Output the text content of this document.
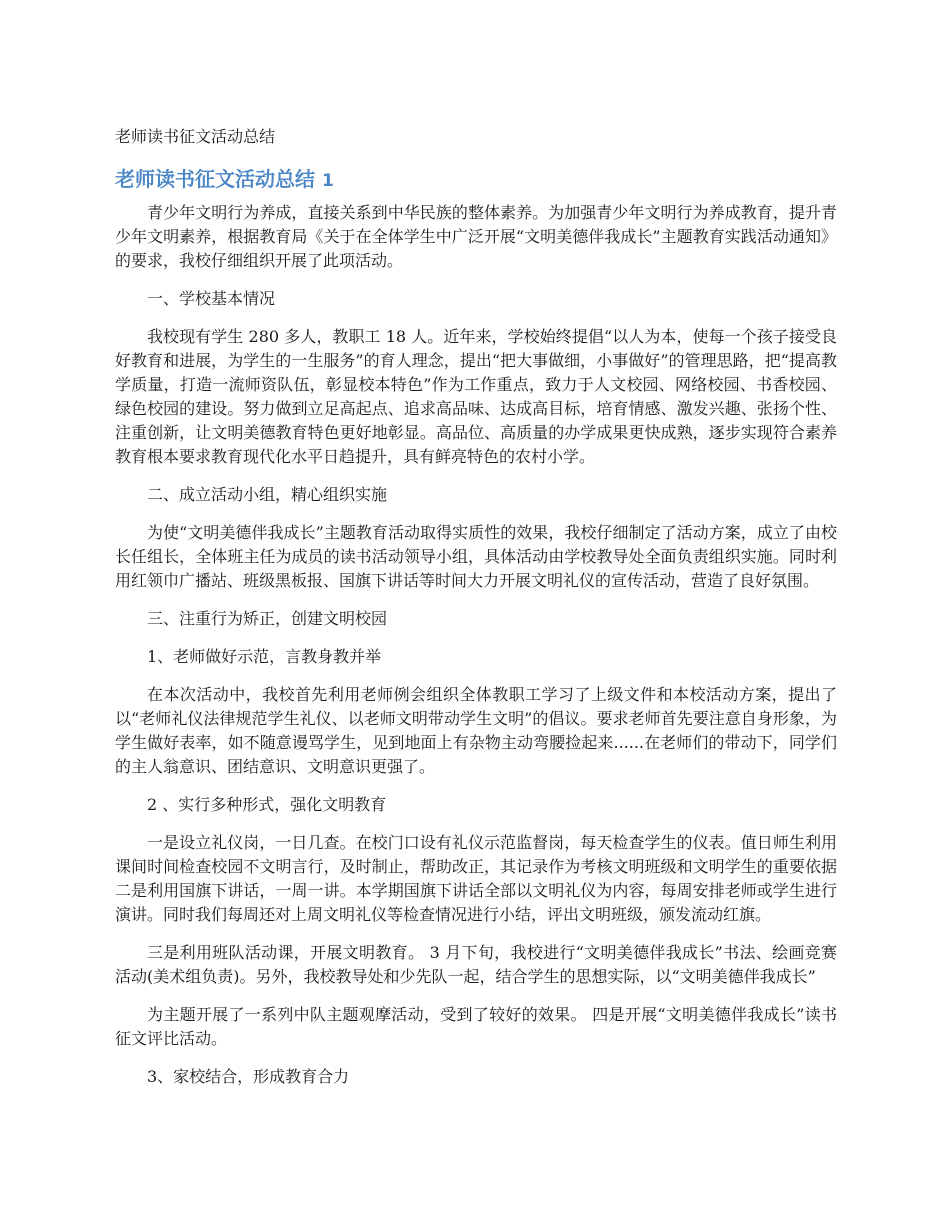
老师读书征文活动总结
老师读书征文活动总结 1

青少年文明行为养成，直接关系到中华民族的整体素养。为加强青少年文明行为养成教育，提升青少年文明素养，根据教育局《关于在全体学生中广泛开展“文明美德伴我成长”主题教育实践活动通知》的要求，我校仔细组织开展了此项活动。

一、学校基本情况

我校现有学生 280 多人，教职工 18 人。近年来，学校始终提倡“以人为本，使每一个孩子接受良好教育和进展，为学生的一生服务”的育人理念，提出“把大事做细，小事做好”的管理思路，把“提高教学质量，打造一流师资队伍，彰显校本特色”作为工作重点，致力于人文校园、网络校园、书香校园、绿色校园的建设。努力做到立足高起点、追求高品味、达成高目标，培育情感、激发兴趣、张扬个性、注重创新，让文明美德教育特色更好地彰显。高品位、高质量的办学成果更快成熟，逐步实现符合素养教育根本要求教育现代化水平日趋提升，具有鲜亮特色的农村小学。

二、成立活动小组，精心组织实施

为使“文明美德伴我成长”主题教育活动取得实质性的效果，我校仔细制定了活动方案，成立了由校长任组长，全体班主任为成员的读书活动领导小组，具体活动由学校教导处全面负责组织实施。同时利用红领巾广播站、班级黑板报、国旗下讲话等时间大力开展文明礼仪的宣传活动，营造了良好氛围。

三、注重行为矫正，创建文明校园

1、老师做好示范，言教身教并举

在本次活动中，我校首先利用老师例会组织全体教职工学习了上级文件和本校活动方案，提出了以“老师礼仪法律规范学生礼仪、以老师文明带动学生文明”的倡议。要求老师首先要注意自身形象，为学生做好表率，如不随意谩骂学生，见到地面上有杂物主动弯腰捡起来......在老师们的带动下，同学们的主人翁意识、团结意识、文明意识更强了。

2 、实行多种形式，强化文明教育

一是设立礼仪岗，一日几查。在校门口设有礼仪示范监督岗，每天检查学生的仪表。值日师生利用课间时间检查校园不文明言行，及时制止，帮助改正，其记录作为考核文明班级和文明学生的重要依据 二是利用国旗下讲话，一周一讲。本学期国旗下讲话全部以文明礼仪为内容，每周安排老师或学生进行演讲。同时我们每周还对上周文明礼仪等检查情况进行小结，评出文明班级，颁发流动红旗。

三是利用班队活动课，开展文明教育。 3 月下旬，我校进行“文明美德伴我成长”书法、绘画竞赛活动(美术组负责)。另外，我校教导处和少先队一起，结合学生的思想实际，以“文明美德伴我成长”

为主题开展了一系列中队主题观摩活动，受到了较好的效果。 四是开展“文明美德伴我成长”读书征文评比活动。

3、家校结合，形成教育合力
